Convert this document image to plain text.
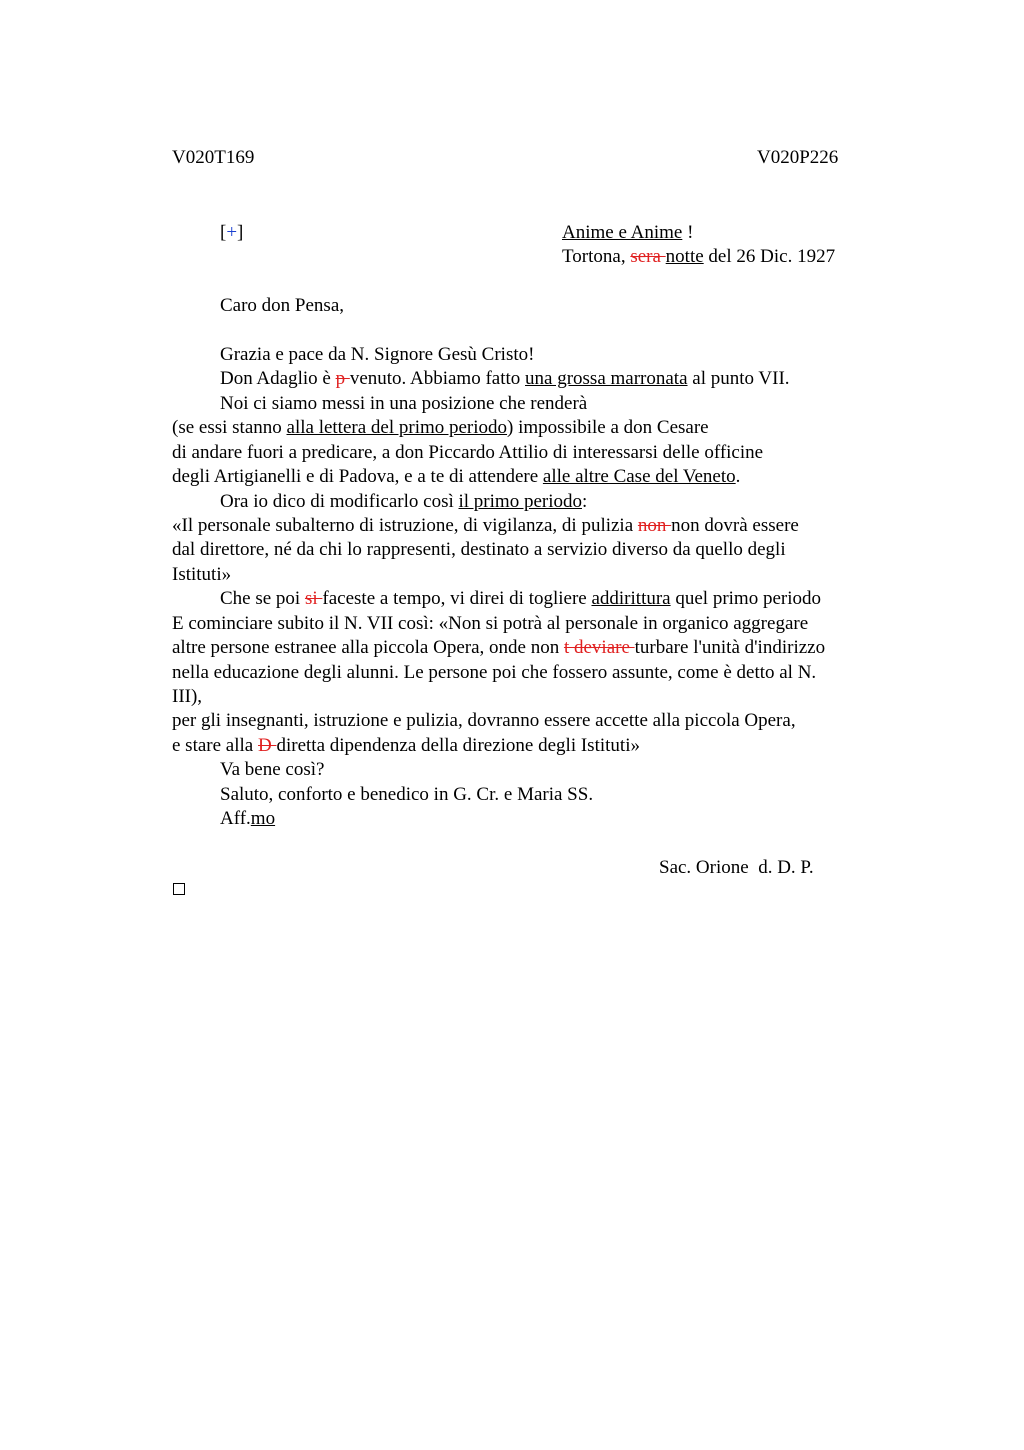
V020T169	V020P226
[+]	Anime e Anime !
Tortona, sera notte del 26 Dic. 1927
Caro don Pensa,
Grazia e pace da N. Signore Gesù Cristo!
Don Adaglio è p venuto. Abbiamo fatto una grossa marronata al punto VII.
Noi ci siamo messi in una posizione che renderà
(se essi stanno alla lettera del primo periodo) impossibile a don Cesare
di andare fuori a predicare, a don Piccardo Attilio di interessarsi delle officine
degli Artigianelli e di Padova, e a te di attendere alle altre Case del Veneto.
Ora io dico di modificarlo così il primo periodo:
«Il personale subalterno di istruzione, di vigilanza, di pulizia non non dovrà essere
dal direttore, né da chi lo rappresenti, destinato a servizio diverso da quello degli
Istituti»
Che se poi si faceste a tempo, vi direi di togliere addirittura quel primo periodo
E cominciare subito il N. VII così: «Non si potrà al personale in organico aggregare
altre persone estranee alla piccola Opera, onde non t deviare turbare l'unità d'indirizzo
nella educazione degli alunni. Le persone poi che fossero assunte, come è detto al N.
III),
per gli insegnanti, istruzione e pulizia, dovranno essere accette alla piccola Opera,
e stare alla D diretta dipendenza della direzione degli Istituti»
Va bene così?
Saluto, conforto e benedico in G. Cr. e Maria SS.
Aff.mo
Sac. Orione  d. D. P.
